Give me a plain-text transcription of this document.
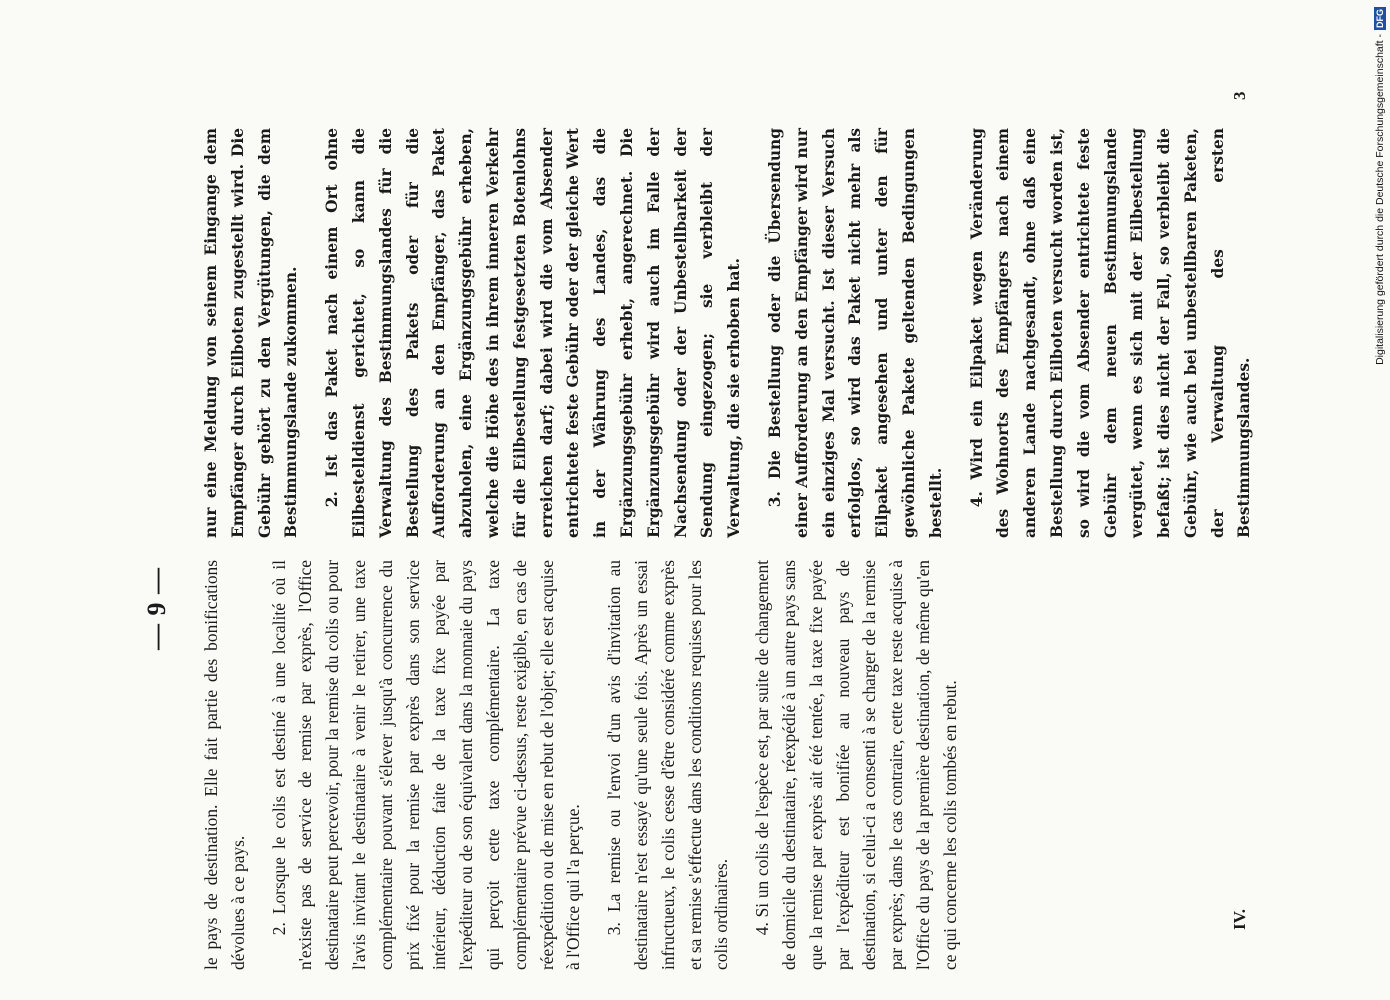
— 9 — le pays de destination. Elle fait partie des bonifications dévolues à ce pays. 2. Lorsque le colis est destiné à une localité où il n'existe pas de service de remise par exprès, l'Office destinataire peut percevoir, pour la remise du colis ou pour l'avis invitant le destinataire à venir le retirer, une taxe complémentaire pouvant s'élever jusqu'à concurrence du prix fixé pour la remise par exprès dans son service intérieur, déduction faite de la taxe fixe payée par l'expéditeur ou de son équivalent dans la monnaie du pays qui perçoit cette taxe complémentaire. La taxe complémentaire prévue ci-dessus, reste exigible, en cas de réexpédition ou de mise en rebut de l'objet; elle est acquise à l'Office qui l'a perçue. 3. La remise ou l'envoi d'un avis d'invitation au destinataire n'est essayé qu'une seule fois. Après un essai infructueux, le colis cesse d'être considéré comme exprès et sa remise s'effectue dans les conditions requises pour les colis ordinaires. 4. Si un colis de l'espèce est, par suite de changement de domicile du destinataire, réexpédié à un autre pays sans que la remise par exprès ait été tentée, la taxe fixe payée par l'expéditeur est bonifiée au nouveau pays de destination, si celui-ci a consenti à se charger de la remise par exprès; dans le cas contraire, cette taxe reste acquise à l'Office du pays de la première destination, de même qu'en ce qui concerne les colis tombés en rebut.

nur eine Meldung von seinem Eingange dem Empfänger durch Eilboten zugestellt wird. Die Gebühr gehört zu den Vergütungen, die dem Bestimmungslande zukommen.	2. Ist das Paket nach einem Ort ohne Eilbestelldienst gerichtet, so kann die Verwaltung des Bestimmungslandes für die Bestellung des Pakets oder für die Aufforderung an den Empfänger, das Paket abzuholen, eine Ergänzungsgebühr erheben, welche die Höhe des in ihrem inneren Verkehr für die Eilbestellung festgesetzten Botenlohns erreichen darf; dabei wird die vom Absender entrichtete feste Gebühr oder der gleiche Wert in der Währung des Landes, das die Ergänzungsgebühr erhebt, angerechnet. Die Ergänzungsgebühr wird auch im Falle der Nachsendung oder der Unbestellbarkeit der Sendung eingezogen; sie verbleibt der Verwaltung, die sie erhoben hat.	3. Die Bestellung oder die Übersendung einer Aufforderung an den Empfänger wird nur ein einziges Mal versucht. Ist dieser Versuch erfolglos, so wird das Paket nicht mehr als Eilpaket angesehen und unter den für gewöhnliche Pakete geltenden Bedingungen bestellt.	4. Wird ein Eilpaket wegen Veränderung des Wohnorts des Empfängers nach einem anderen Lande nachgesandt, ohne daß eine Bestellung durch Eilboten versucht worden ist, so wird die vom Absender entrichtete feste Gebühr dem neuen Bestimmungslande vergütet, wenn es sich mit der Eilbestellung befaßt; ist dies nicht der Fall, so verbleibt die Gebühr, wie auch bei unbestellbaren Paketen, der Verwaltung des ersten Bestimmungslandes.

IV.
3	Digitalisierung gefördert durch die Deutsche Forschungsgemeinschaft -
DFG
